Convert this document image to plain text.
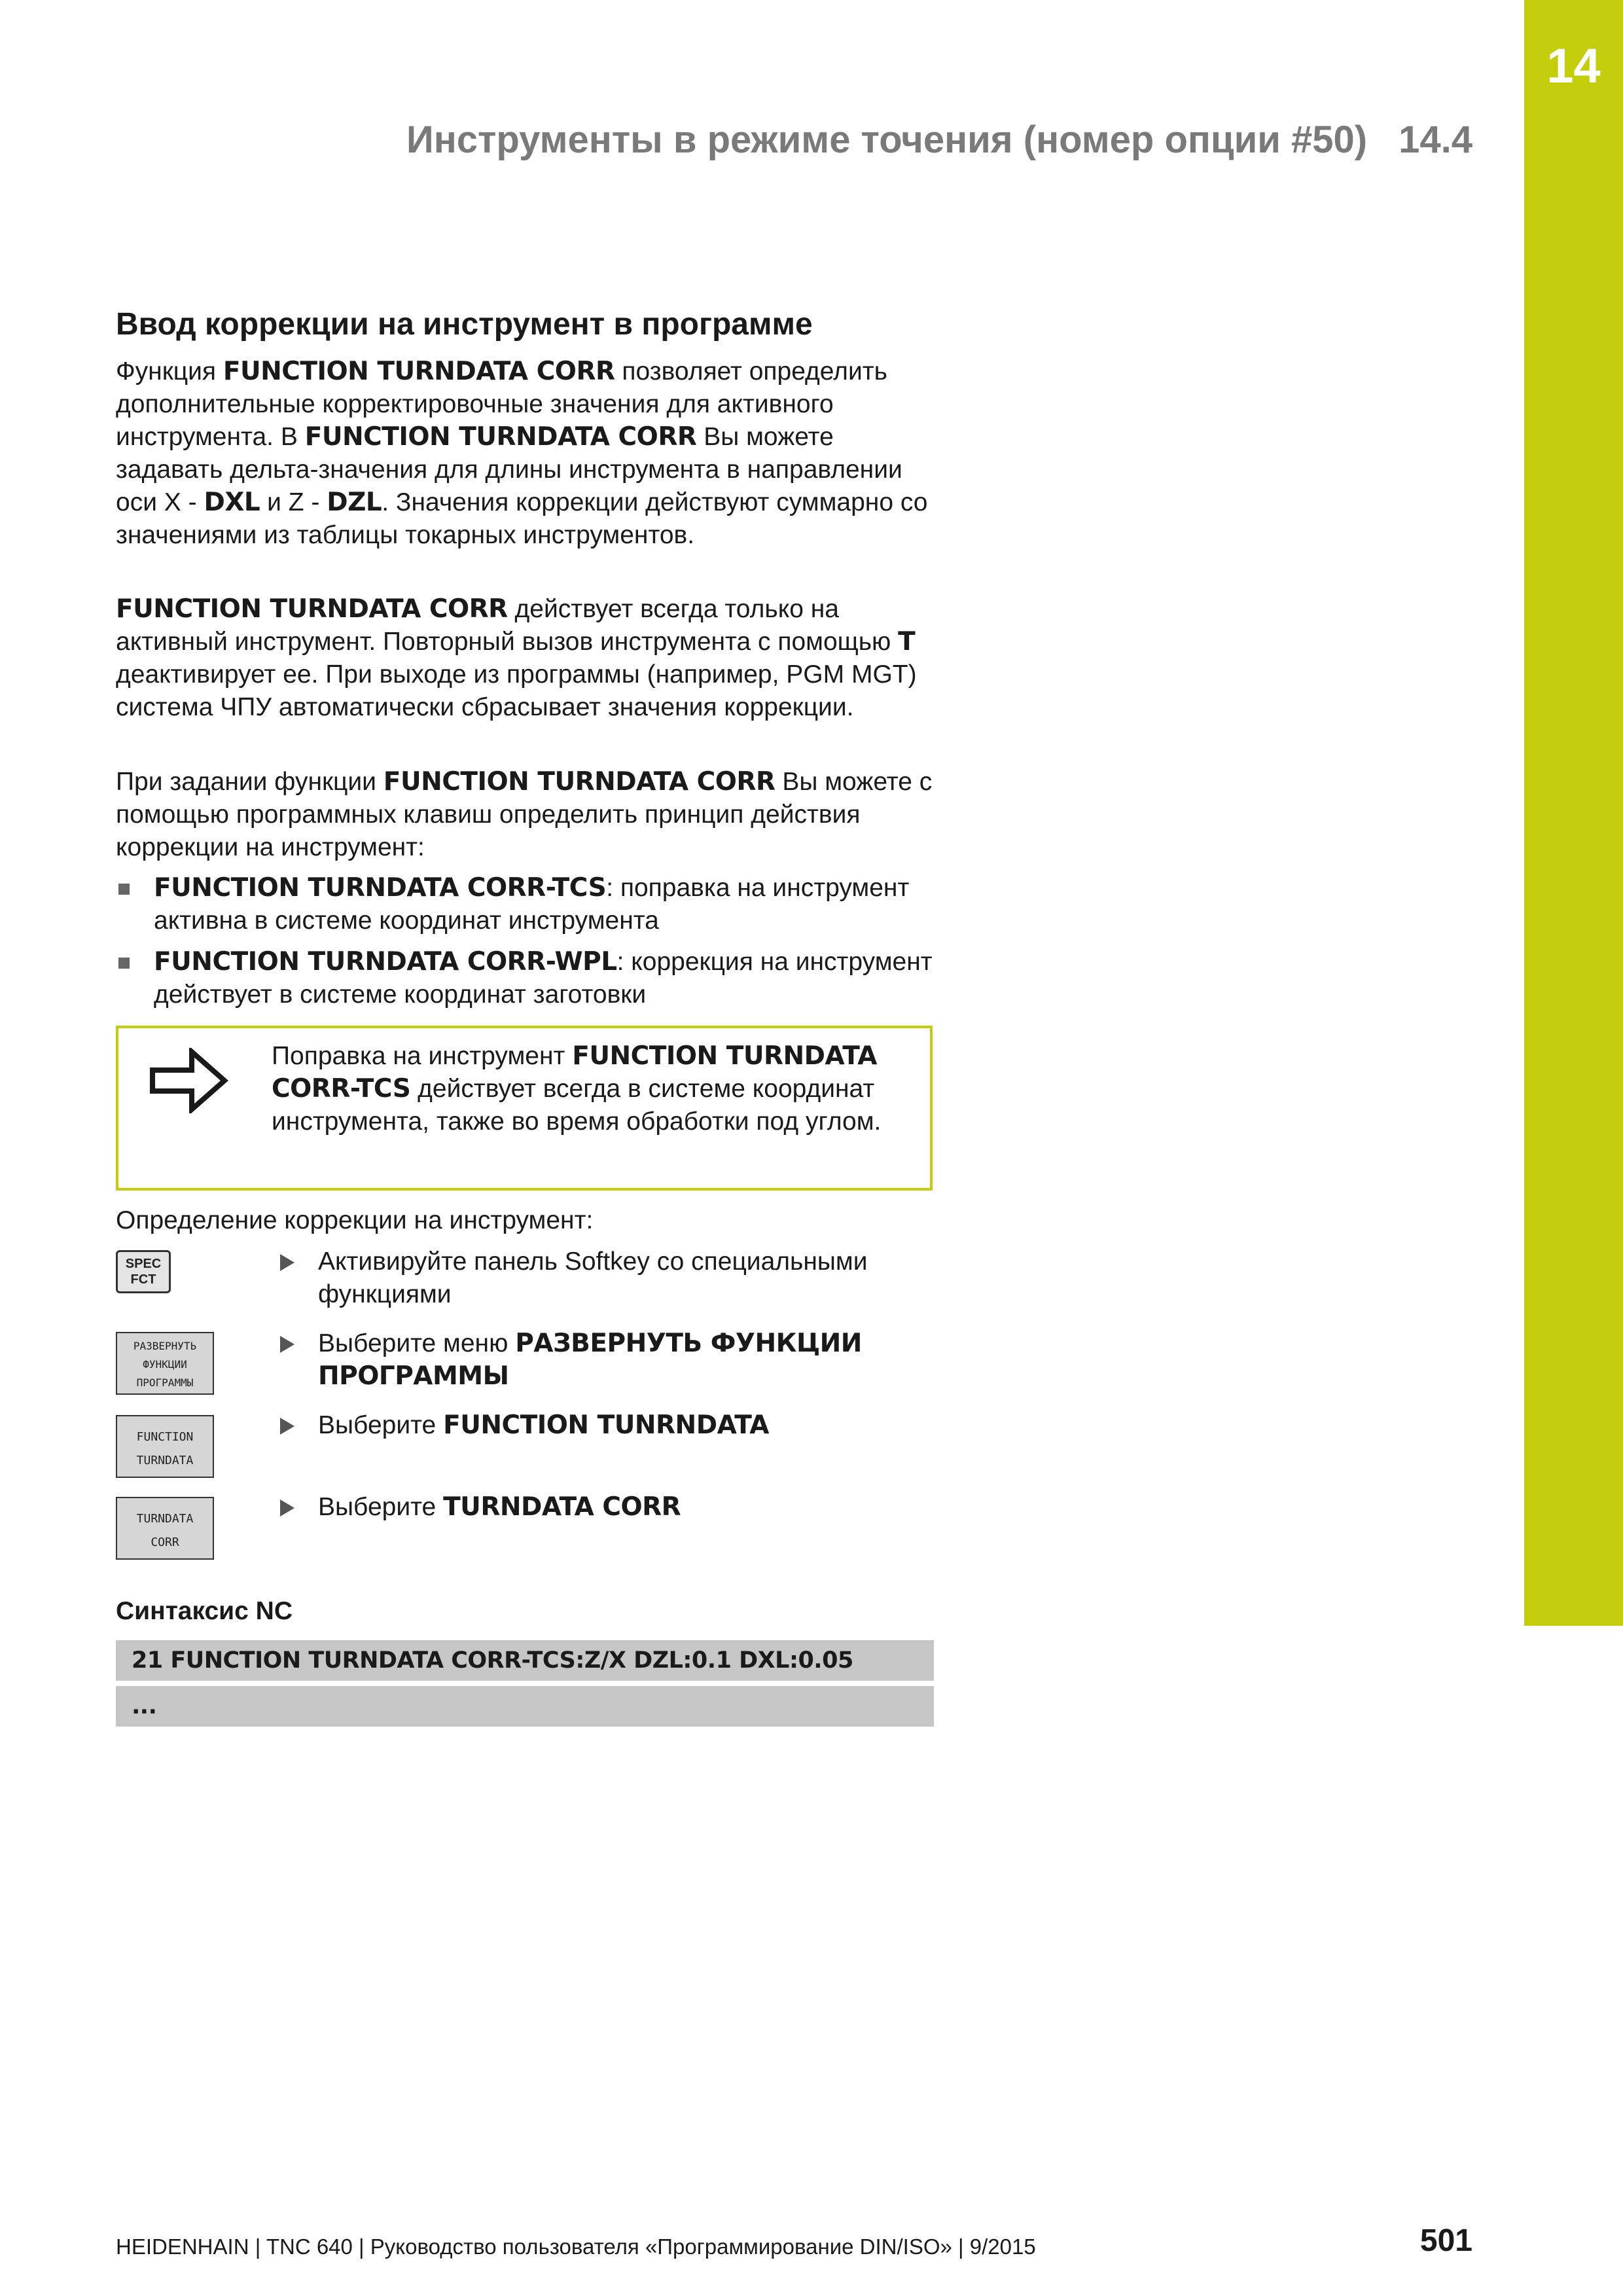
14
Инструменты в режиме точения (номер опции #50) 14.4
Ввод коррекции на инструмент в программе

Функция FUNCTION TURNDATA CORR позволяет определить дополнительные корректировочные значения для активного инструмента. В FUNCTION TURNDATA CORR Вы можете задавать дельта-значения для длины инструмента в направлении оси X - DXL и Z - DZL. Значения коррекции действуют суммарно со значениями из таблицы токарных инструментов.

FUNCTION TURNDATA CORR действует всегда только на активный инструмент. Повторный вызов инструмента с помощью T деактивирует ее. При выходе из программы (например, PGM MGT) система ЧПУ автоматически сбрасывает значения коррекции.

При задании функции FUNCTION TURNDATA CORR Вы можете с помощью программных клавиш определить принцип действия коррекции на инструмент:

FUNCTION TURNDATA CORR-TCS: поправка на инструмент активна в системе координат инструмента
FUNCTION TURNDATA CORR-WPL: коррекция на инструмент действует в системе координат заготовки
Поправка на инструмент FUNCTION TURNDATA CORR-TCS действует всегда в системе координат инструмента, также во время обработки под углом.
Определение коррекции на инструмент:
SPEC
FCT
РАЗВЕРНУТЬ
ФУНКЦИИ
ПРОГРАММЫ
FUNCTION
TURNDATA
TURNDATA
CORR
Активируйте панель Softkey со специальными функциями
Выберите меню РАЗВЕРНУТЬ ФУНКЦИИ ПРОГРАММЫ
Выберите FUNCTION TUNRNDATA
Выберите TURNDATA CORR
Синтаксис NC
21 FUNCTION TURNDATA CORR-TCS:Z/X DZL:0.1 DXL:0.05
...
HEIDENHAIN | TNC 640 | Руководство пользователя «Программирование DIN/ISO» | 9/2015	501
